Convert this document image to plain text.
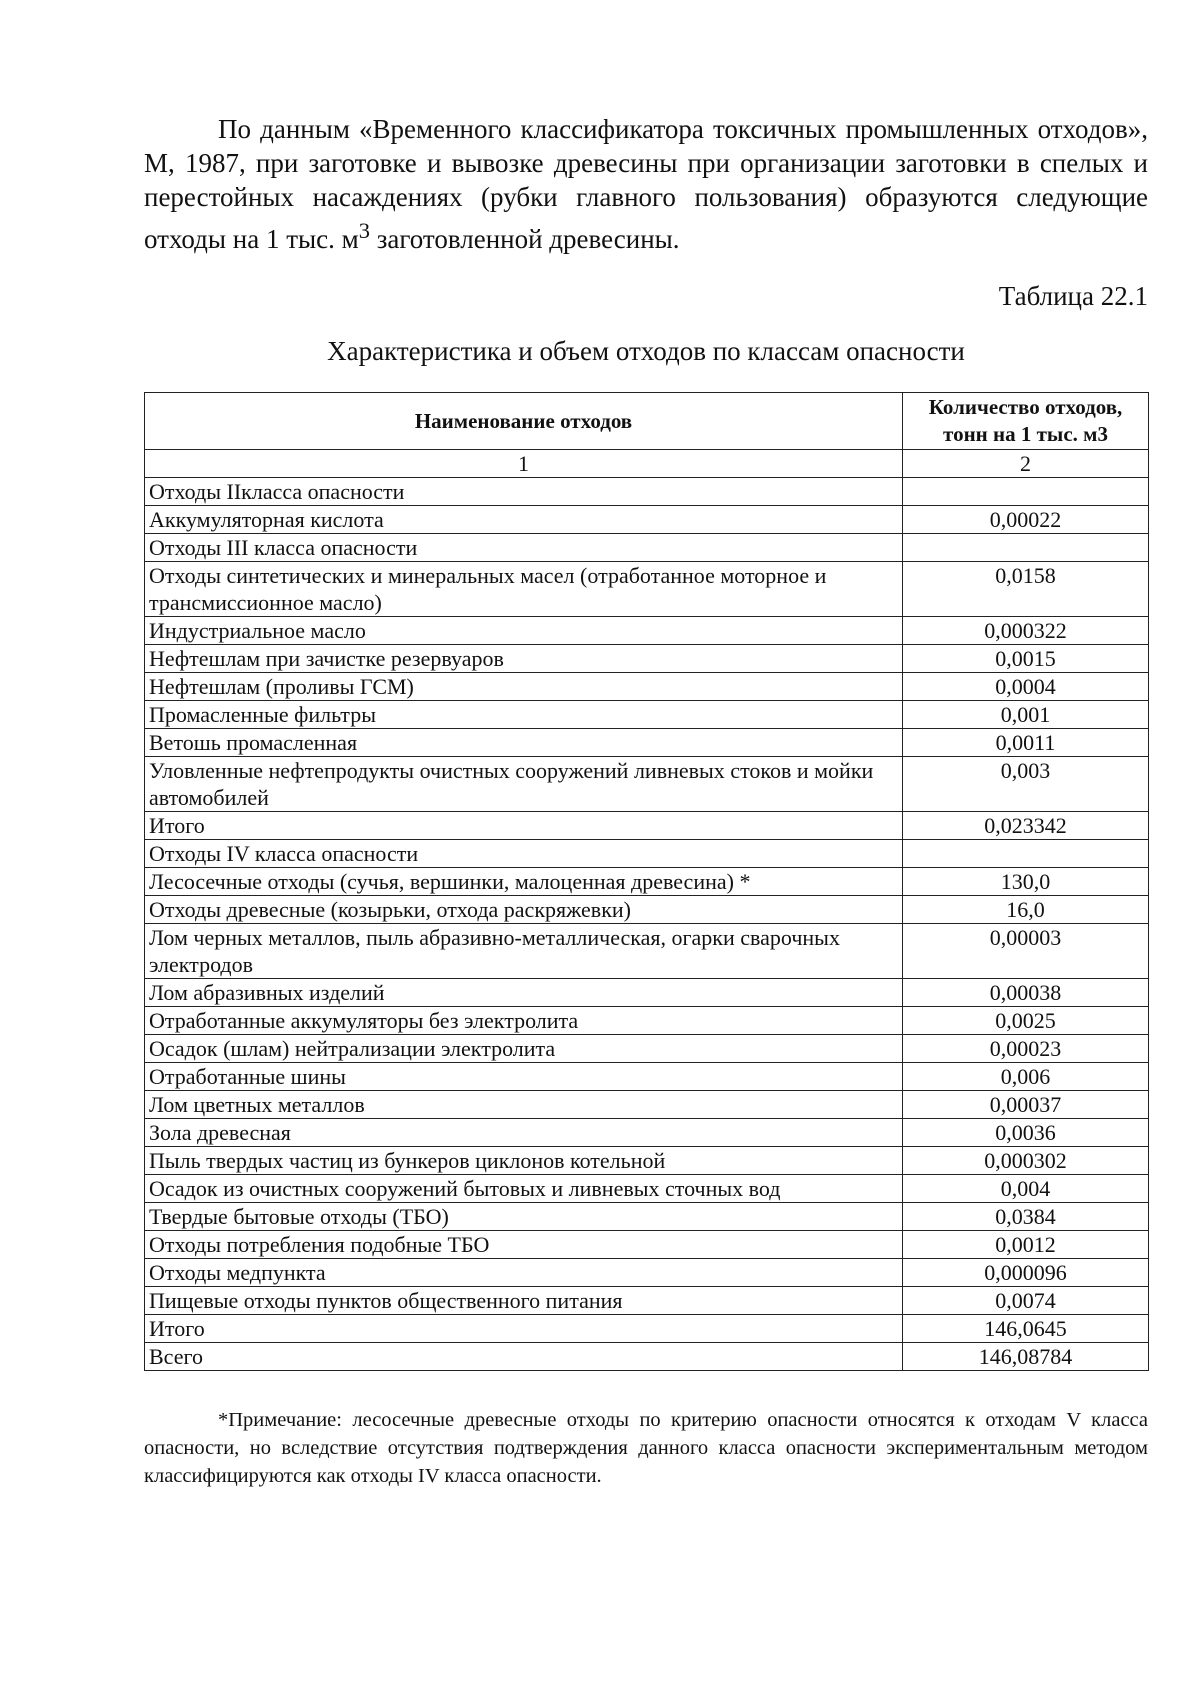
По данным «Временного классификатора токсичных промышленных отходов», М, 1987, при заготовке и вывозке древесины при организации заготовки в спелых и перестойных насаждениях (рубки главного пользования) образуются следующие отходы на 1 тыс. $м^3$ заготовленной древесины.

Таблица 22.1

Характеристика и объем отходов по классам опасности

Наименование отходов	Количество отходов, тонн на 1 тыс. м3
1	2
Отходы IIкласса опасности	
Аккумуляторная кислота	0,00022
Отходы III класса опасности	
Отходы синтетических и минеральных масел (отработанное моторное и трансмиссионное масло)	0,0158
Индустриальное масло	0,000322
Нефтешлам при зачистке резервуаров	0,0015
Нефтешлам (проливы ГСМ)	0,0004
Промасленные фильтры	0,001
Ветошь промасленная	0,0011
Уловленные нефтепродукты очистных сооружений ливневых стоков и мойки автомобилей	0,003
Итого	0,023342
Отходы IV класса опасности	
Лесосечные отходы (сучья, вершинки, малоценная древесина) *	130,0
Отходы древесные (козырьки, отхода раскряжевки)	16,0
Лом черных металлов, пыль абразивно-металлическая, огарки сварочных электродов	0,00003
Лом абразивных изделий	0,00038
Отработанные аккумуляторы без электролита	0,0025
Осадок (шлам) нейтрализации электролита	0,00023
Отработанные шины	0,006
Лом цветных металлов	0,00037
Зола древесная	0,0036
Пыль твердых частиц из бункеров циклонов котельной	0,000302
Осадок из очистных сооружений бытовых и ливневых сточных вод	0,004
Твердые бытовые отходы (ТБО)	0,0384
Отходы потребления подобные ТБО	0,0012
Отходы медпункта	0,000096
Пищевые отходы пунктов общественного питания	0,0074
Итого	146,0645
Всего	146,08784

*Примечание: лесосечные древесные отходы по критерию опасности относятся к отходам V класса опасности, но вследствие отсутствия подтверждения данного класса опасности экспериментальным методом классифицируются как отходы IV класса опасности.
